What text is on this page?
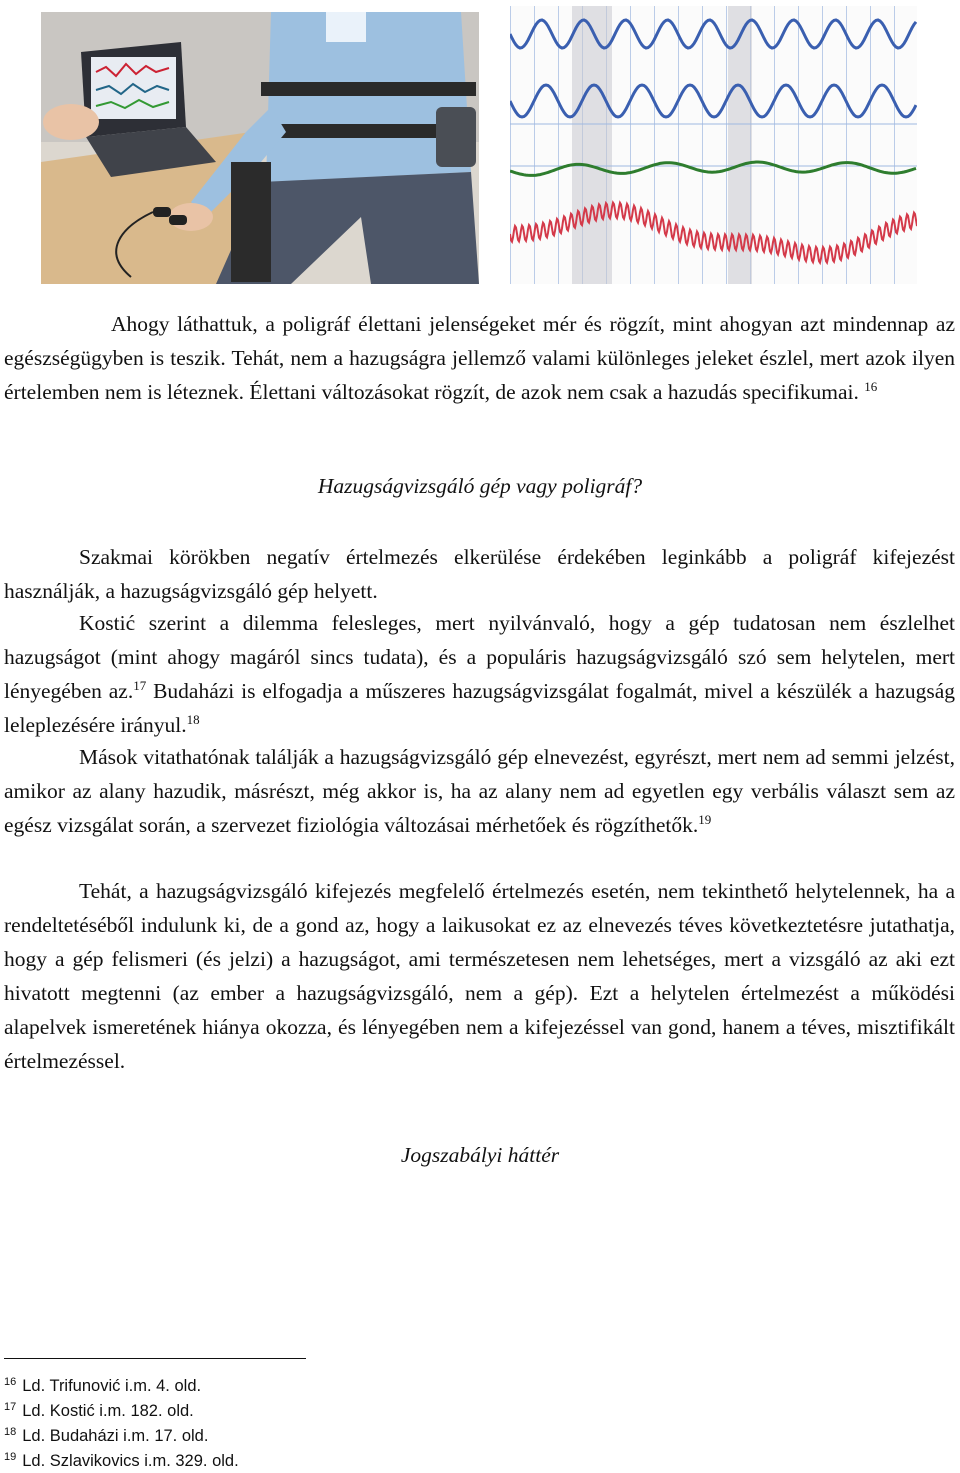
Ahogy láthattuk, a poligráf élettani jelenségeket mér és rögzít, mint ahogyan azt mindennap az egészségügyben is teszik. Tehát, nem a hazugságra jellemző valami különleges jeleket észlel, mert azok ilyen értelemben nem is léteznek. Élettani változásokat rögzít, de azok nem csak a hazudás specifikumai. $^{16}$

Hazugságvizsgáló gép vagy poligráf?

Szakmai körökben negatív értelmezés elkerülése érdekében leginkább a poligráf kifejezést használják, a hazugságvizsgáló gép helyett.

Kostić szerint a dilemma felesleges, mert nyilvánvaló, hogy a gép tudatosan nem észlelhet hazugságot (mint ahogy magáról sincs tudata), és a populáris hazugságvizsgáló szó sem helytelen, mert lényegében az.$^{17}$ Budaházi is elfogadja a műszeres hazugságvizsgálat fogalmát, mivel a készülék a hazugság leleplezésére irányul.$^{18}$

Mások vitathatónak találják a hazugságvizsgáló gép elnevezést, egyrészt, mert nem ad semmi jelzést, amikor az alany hazudik, másrészt, még akkor is, ha az alany nem ad egyetlen egy verbális választ sem az egész vizsgálat során, a szervezet fiziológia változásai mérhetőek és rögzíthetők.$^{19}$

Tehát, a hazugságvizsgáló kifejezés megfelelő értelmezés esetén, nem tekinthető helytelennek, ha a rendeltetéséből indulunk ki, de a gond az, hogy a laikusokat ez az elnevezés téves következtetésre jutathatja, hogy a gép felismeri (és jelzi) a hazugságot, ami természetesen nem lehetséges, mert a vizsgáló az aki ezt hivatott megtenni (az ember a hazugságvizsgáló, nem a gép). Ezt a helytelen értelmezést a működési alapelvek ismeretének hiánya okozza, és lényegében nem a kifejezéssel van gond, hanem a téves, misztifikált értelmezéssel.

Jogszabályi háttér

$^{16}$ Ld. Trifunović i.m. 4. old.
$^{17}$ Ld. Kostić i.m. 182. old.
$^{18}$ Ld. Budaházi i.m. 17. old.
$^{19}$ Ld. Szlavikovics i.m. 329. old.
